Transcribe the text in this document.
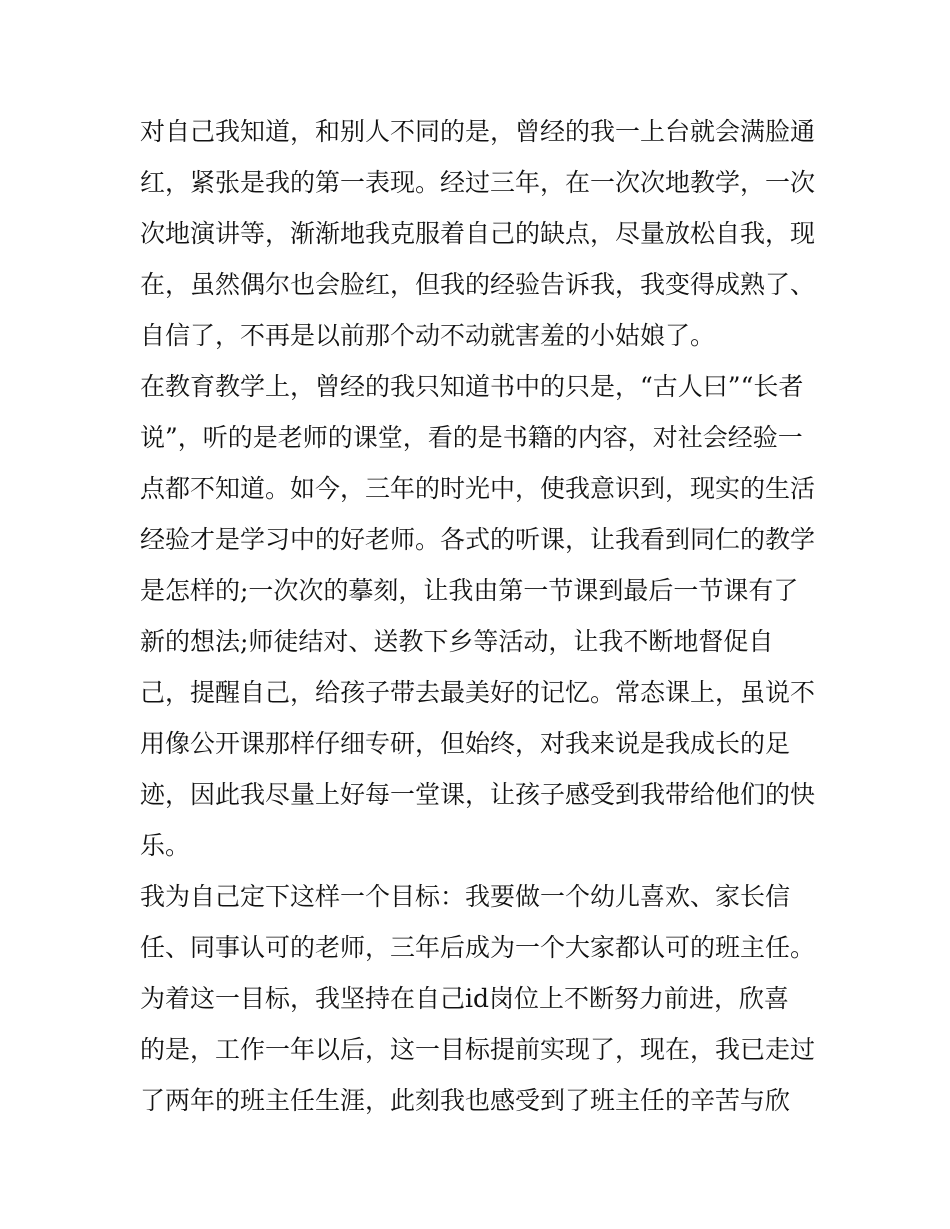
对自己我知道，和别人不同的是，曾经的我一上台就会满脸通

红，紧张是我的第一表现。经过三年，在一次次地教学，一次

次地演讲等，渐渐地我克服着自己的缺点，尽量放松自我，现

在，虽然偶尔也会脸红，但我的经验告诉我，我变得成熟了、

自信了，不再是以前那个动不动就害羞的小姑娘了。

在教育教学上，曾经的我只知道书中的只是，“古人曰”“长者

说”，听的是老师的课堂，看的是书籍的内容，对社会经验一

点都不知道。如今，三年的时光中，使我意识到，现实的生活

经验才是学习中的好老师。各式的听课，让我看到同仁的教学

是怎样的;一次次的摹刻，让我由第一节课到最后一节课有了

新的想法;师徒结对、送教下乡等活动，让我不断地督促自

己，提醒自己，给孩子带去最美好的记忆。常态课上，虽说不

用像公开课那样仔细专研，但始终，对我来说是我成长的足

迹，因此我尽量上好每一堂课，让孩子感受到我带给他们的快

乐。

我为自己定下这样一个目标：我要做一个幼儿喜欢、家长信

任、同事认可的老师，三年后成为一个大家都认可的班主任。

为着这一目标，我坚持在自己id岗位上不断努力前进，欣喜

的是，工作一年以后，这一目标提前实现了，现在，我已走过

了两年的班主任生涯，此刻我也感受到了班主任的辛苦与欣
